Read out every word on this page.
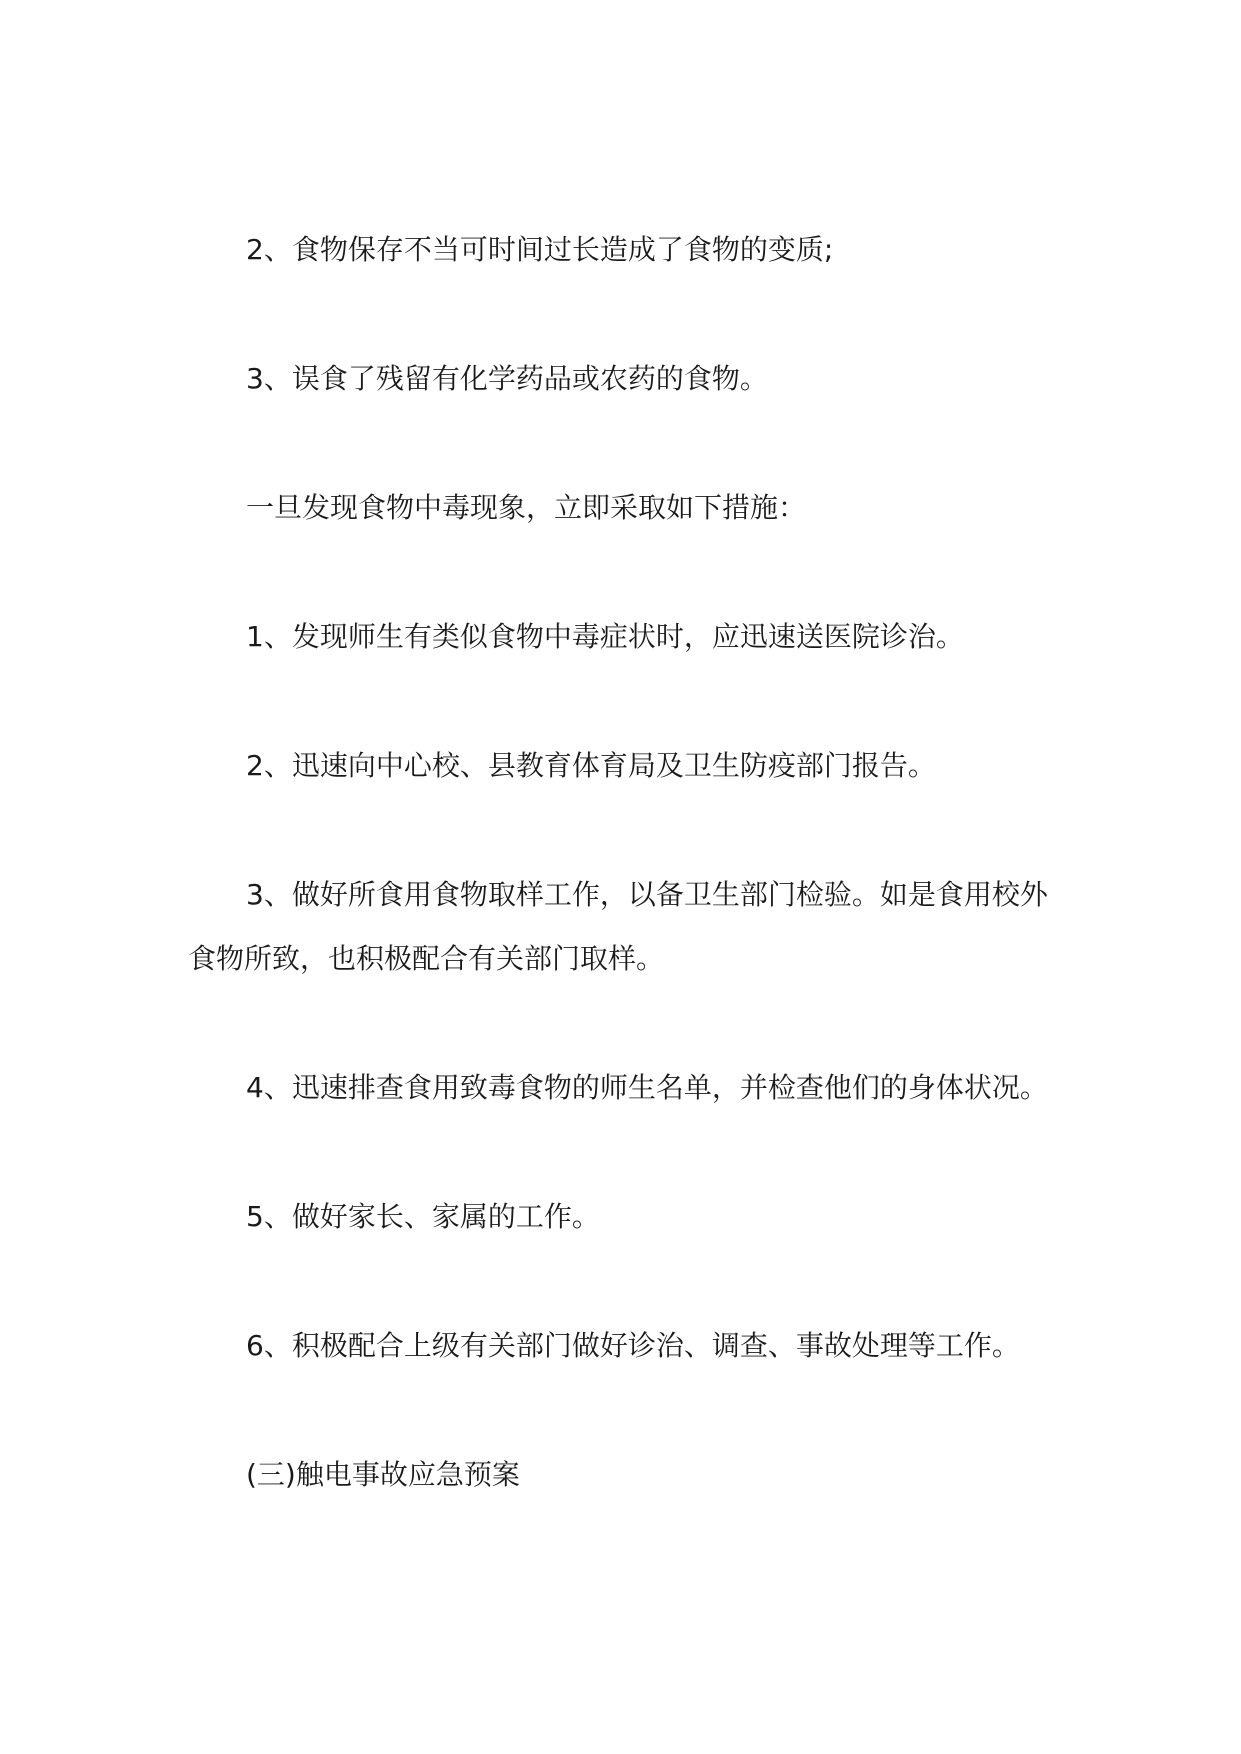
2、食物保存不当可时间过长造成了食物的变质;

3、误食了残留有化学药品或农药的食物。

一旦发现食物中毒现象，立即采取如下措施：

1、发现师生有类似食物中毒症状时，应迅速送医院诊治。

2、迅速向中心校、县教育体育局及卫生防疫部门报告。

3、做好所食用食物取样工作，以备卫生部门检验。如是食用校外食物所致，也积极配合有关部门取样。

4、迅速排查食用致毒食物的师生名单，并检查他们的身体状况。

5、做好家长、家属的工作。

6、积极配合上级有关部门做好诊治、调查、事故处理等工作。

(三)触电事故应急预案
